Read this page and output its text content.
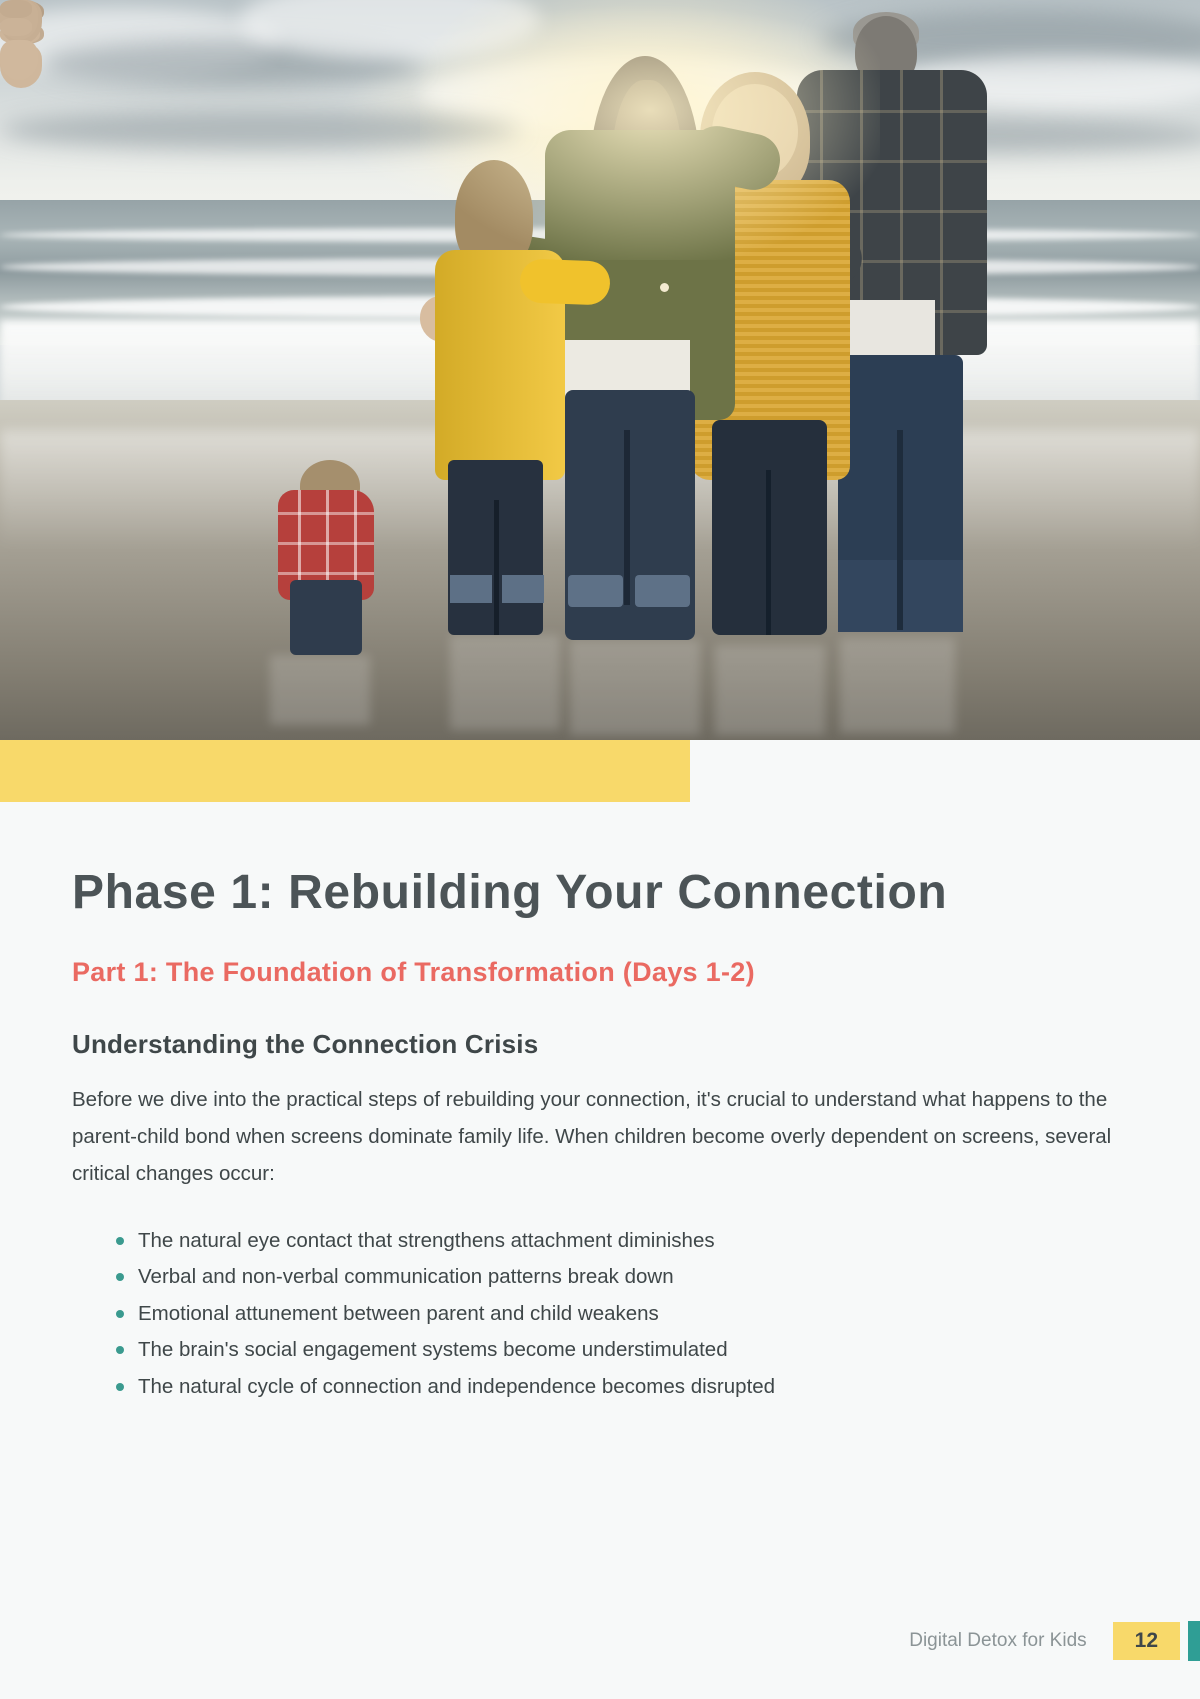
Phase 1: Rebuilding Your Connection
Part 1: The Foundation of Transformation (Days 1-2)
Understanding the Connection Crisis

Before we dive into the practical steps of rebuilding your connection, it's crucial to understand what happens to the parent-child bond when screens dominate family life. When children become overly dependent on screens, several critical changes occur:

The natural eye contact that strengthens attachment diminishes
Verbal and non-verbal communication patterns break down
Emotional attunement between parent and child weakens
The brain's social engagement systems become understimulated
The natural cycle of connection and independence becomes disrupted
Digital Detox for Kids	12
